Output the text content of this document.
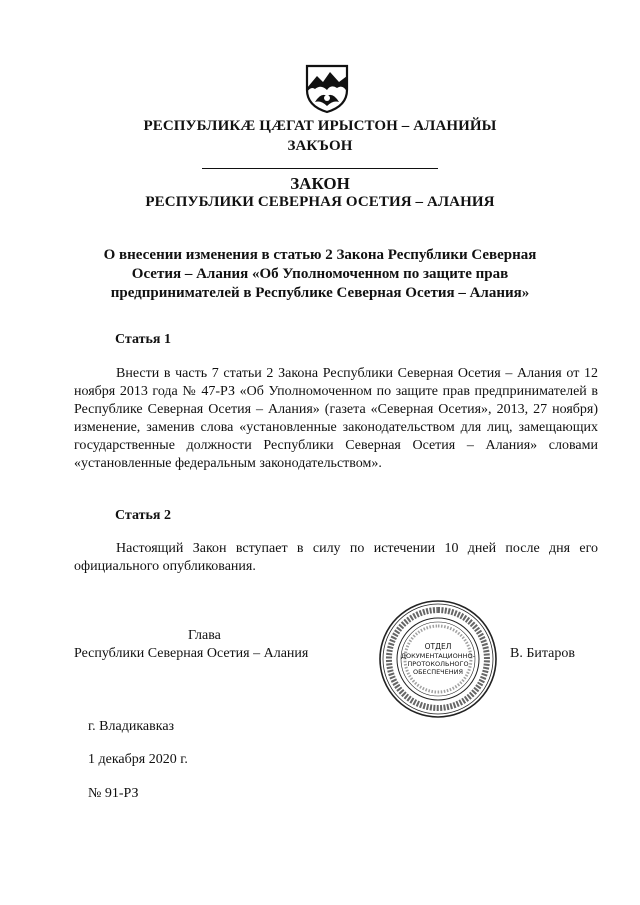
РЕСПУБЛИКӔ ЦӔГАТ ИРЫСТОН – АЛАНИЙЫ
ЗАКЪОН
ЗАКОН
РЕСПУБЛИКИ СЕВЕРНАЯ ОСЕТИЯ – АЛАНИЯ
О внесении изменения в статью 2 Закона Республики Северная
Осетия – Алания «Об Уполномоченном по защите прав
предпринимателей в Республике Северная Осетия – Алания»
Статья 1
Внести в часть 7 статьи 2 Закона Республики Северная Осетия – Алания от 12 ноября 2013 года № 47-РЗ «Об Уполномоченном по защите прав предпринимателей в Республике Северная Осетия – Алания» (газета «Северная Осетия», 2013, 27 ноября) изменение, заменив слова «установленные законодательством для лиц, замещающих государственные должности Республики Северная Осетия – Алания» словами «установленные федеральным законодательством».
Статья 2
Настоящий Закон вступает в силу по истечении 10 дней после дня его официального опубликования.
Глава
Республики Северная Осетия – Алания	В. Битаров
ОТДЕЛ
ДОКУМЕНТАЦИОННО-
ПРОТОКОЛЬНОГО
ОБЕСПЕЧЕНИЯ
г. Владикавказ
1 декабря 2020 г.
№ 91-РЗ
